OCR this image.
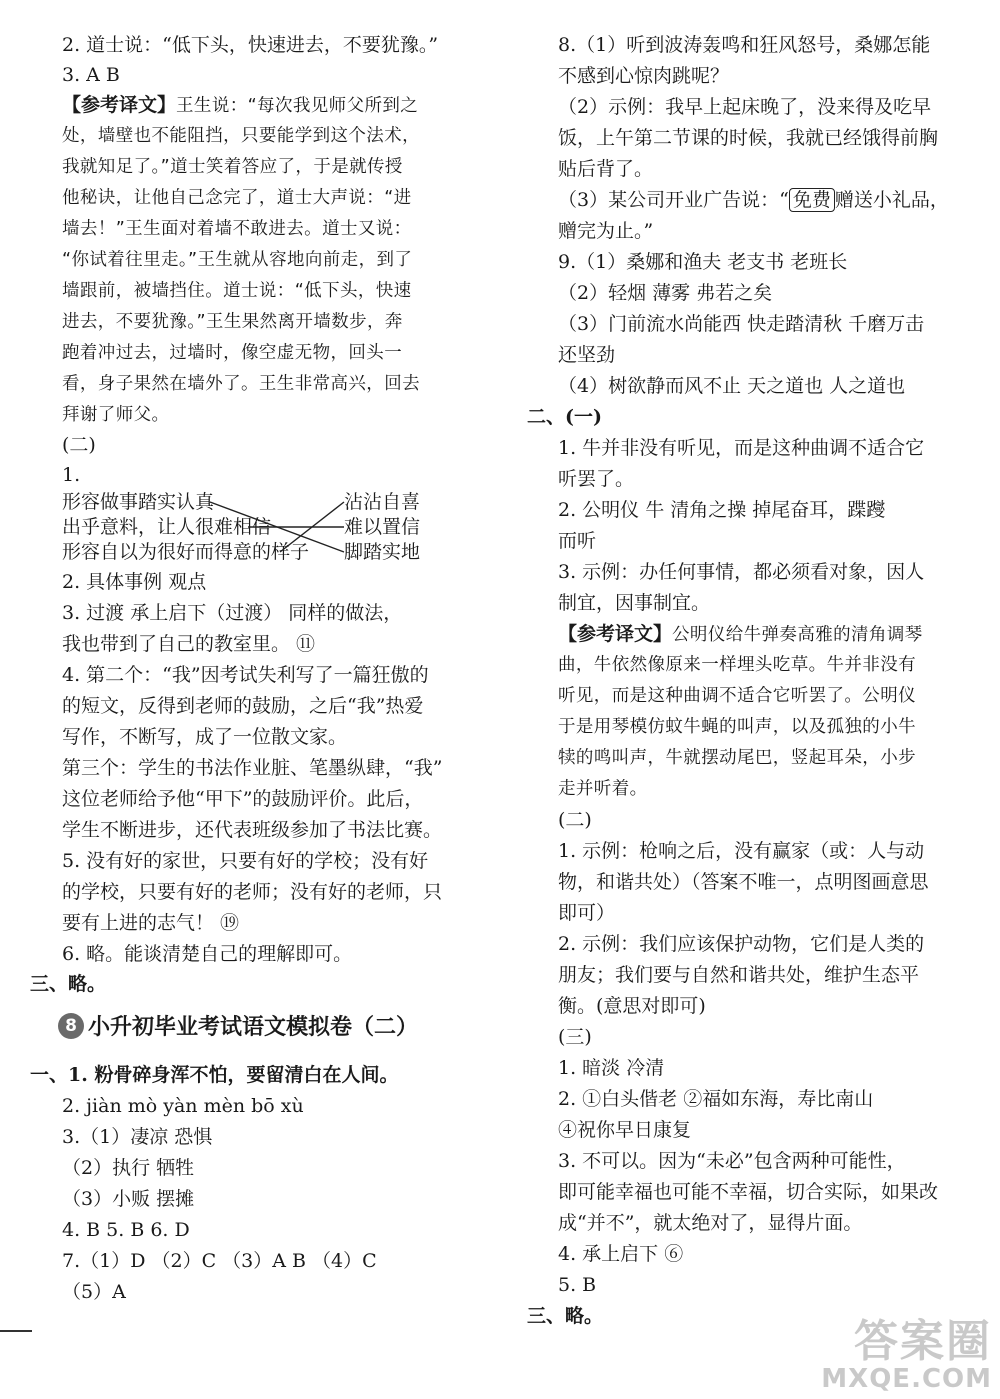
2. 道士说：“低下头，快速进去，不要犹豫。”
3. A B
【参考译文】王生说：“每次我见师父所到之
处，墙壁也不能阻挡，只要能学到这个法术，
我就知足了。”道士笑着答应了，于是就传授
他秘诀，让他自己念完了，道士大声说：“进
墙去！”王生面对着墙不敢进去。道士又说：
“你试着往里走。”王生就从容地向前走，到了
墙跟前，被墙挡住。道士说：“低下头，快速
进去，不要犹豫。”王生果然离开墙数步，奔
跑着冲过去，过墙时，像空虚无物，回头一
看，身子果然在墙外了。王生非常高兴，回去
拜谢了师父。
(二)
1.
形容做事踏实认真
出乎意料，让人很难相信
形容自以为很好而得意的样子
沾沾自喜
难以置信
脚踏实地
2. 具体事例 观点
3. 过渡 承上启下（过渡） 同样的做法，
我也带到了自己的教室里。 ⑪
4. 第二个：“我”因考试失利写了一篇狂傲的
的短文，反得到老师的鼓励，之后“我”热爱
写作，不断写，成了一位散文家。
第三个：学生的书法作业脏、笔墨纵肆，“我”
这位老师给予他“甲下”的鼓励评价。此后，
学生不断进步，还代表班级参加了书法比赛。
5. 没有好的家世，只要有好的学校；没有好
的学校，只要有好的老师；没有好的老师，只
要有上进的志气！ ⑲
6. 略。能谈清楚自己的理解即可。
三、略。
8 小升初毕业考试语文模拟卷（二）
一、1. 粉骨碎身浑不怕，要留清白在人间。
2. jiàn mò yàn mèn bō xù
3.（1）凄凉 恐惧
（2）执行 牺牲
（3）小贩 摆摊
4. B 5. B 6. D
7.（1）D （2）C （3）A B （4）C
（5）A
8.（1）听到波涛轰鸣和狂风怒号，桑娜怎能
不感到心惊肉跳呢？
（2）示例：我早上起床晚了，没来得及吃早
饭，上午第二节课的时候，我就已经饿得前胸
贴后背了。
（3）某公司开业广告说：“ 免费 赠送小礼品，
赠完为止。”
9.（1）桑娜和渔夫 老支书 老班长
（2）轻烟 薄雾 弗若之矣
（3）门前流水尚能西 快走踏清秋 千磨万击
还坚劲
（4）树欲静而风不止 天之道也 人之道也
二、(一)
1. 牛并非没有听见，而是这种曲调不适合它
听罢了。
2. 公明仪 牛 清角之操 掉尾奋耳，蹀躞
而听
3. 示例：办任何事情，都必须看对象，因人
制宜，因事制宜。
【参考译文】公明仪给牛弹奏高雅的清角调琴
曲，牛依然像原来一样埋头吃草。牛并非没有
听见，而是这种曲调不适合它听罢了。公明仪
于是用琴模仿蚊牛蝇的叫声，以及孤独的小牛
犊的鸣叫声，牛就摆动尾巴，竖起耳朵，小步
走并听着。
(二)
1. 示例：枪响之后，没有赢家（或：人与动
物，和谐共处）（答案不唯一，点明图画意思
即可）
2. 示例：我们应该保护动物，它们是人类的
朋友；我们要与自然和谐共处，维护生态平
衡。(意思对即可)
(三)
1. 暗淡 冷清
2. ①白头偕老 ②福如东海，寿比南山
④祝你早日康复
3. 不可以。因为“未必”包含两种可能性，
即可能幸福也可能不幸福，切合实际，如果改
成“并不”，就太绝对了，显得片面。
4. 承上启下 ⑥
5. B
三、略。	答案圈
MXQE.COM
